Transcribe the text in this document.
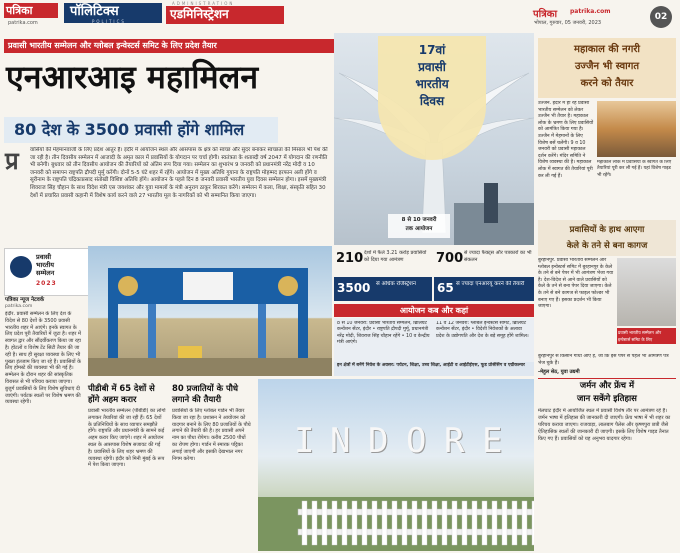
पत्रिका
patrika.com
पॉलिटिक्स
POLITICS
ADMINISTRATION
एडमिनिस्ट्रेशन	पत्रिका patrika.com
भोपाल, गुरुवार, 05 जनवरी, 2023
02
प्रवासी भारतीय सम्मेलन और ग्लोबल इन्वेस्टर्स समिट के लिए प्रदेश तैयार
एनआरआइ महामिलन
80 देश के 3500 प्रवासी होंगे शामिल
प्र वासियों की मेहमानवाजी के लिए प्रदेश आतुर है। इंदौर में आयोजन स्थल और आसपास के क्षेत्र को स्वच्छ और सुंदर बनाकर स्वच्छता की मिसाल भी पेश की जा रही है। तीन दिवसीय सम्मेलन में आजादी के अमृत काल में प्रवासियों के योगदान पर चर्चा होगी। स्वतंत्रता के शताब्दी वर्ष 2047 में योगदान की रणनीति भी बनेगी। बुधवार को तीन दिवसीय आयोजन की तैयारियों को अंतिम रूप दिया गया। सम्मेलन का शुभारंभ 9 जनवरी को प्रधानमंत्री नरेंद्र मोदी व 10 जनवरी को समापन राष्ट्रपति द्रौपदी मुर्मू करेंगी। दोनों 5-5 घंटे शहर में रहेंगे। आयोजन में मुख्य अतिथि गुयाना के राष्ट्रपति मोहम्मद इरफान अली होंगे व सूरीनाम के राष्ट्रपति चंद्रिकाप्रसाद संतोखी विशिष्ट अतिथि होंगे। आयोजन के पहले दिन 8 जनवरी प्रवासी भारतीय युवा दिवस सम्मेलन होगा। इसमें मुख्यमंत्री शिवराज सिंह चौहान के साथ विदेश मंत्री एस जयशंकर और युवा मामलों के मंत्री अनुराग ठाकुर शिरकत करेंगे। सम्मेलन में कला, शिक्षा, संस्कृति सहित 30 देशों में प्रचारित प्रवासी कहानी में विशेष कार्य करने वाले 27 भारतीय मूल के नागरिकों को भी सम्मानित किया जाएगा।
17वां
प्रवासी
भारतीय
दिवस
8 से 10 जनवरी
तक आयोजन
210 देशों में फैले 3.21 करोड़ प्रवासियों को दिया गया आमंत्रण	700 से ज्यादा फैक्ट्स और पत्रकारों का भी संकलन
3500 से अधिक रजिस्ट्रेशन	65 से ज्यादा एनआरयू करने की तैयारी
आयोजन कब और कहां
8 से 10 जनवरी: प्रवासी भारतीय सम्मेलन, ब्रिलियंट कन्वेंशन सेंटर, इंदौर • राष्ट्रपति द्रौपदी मुर्मू, प्रधानमंत्री नरेंद्र मोदी, शिवराज सिंह चौहान रहेंगे • 10 व केन्द्रीय मंत्री आएंगे।
11 व 12 जनवरी: ग्लोबल इन्वेस्टर्स समिट, ब्रिलियंट कन्वेंशन सेंटर, इंदौर • विदेशी निवेशकों के अलावा प्रदेश के उद्योगपति और देश के बड़े समूह होंगे शामिल।
इन क्षेत्रों में बनेंगे निवेश के अवसर: पर्यटन, शिक्षा, उच्च शिक्षा, आईटी व आईटीईएस, फूड प्रोसेसिंग व एग्रीकल्चर
प्रवासी
भारतीय
सम्मेलन
2023
पत्रिका न्यूज नेटवर्क
patrika.com
इंदौर. प्रवासी सम्मेलन के लिए देश के विदेश से 80 देशों के 3500 प्रवासी भारतीय शहर में आएंगे। इनके स्वागत के लिए प्रदेश पूरी तैयारियों में जुटा है। शहर में स्वागत द्वार और सौंदर्यीकरण किया जा रहा है। होटलों व विशेष टेंट सिटी तैयार की जा रही है। साथ ही सुरक्षा व्यवस्था के लिए भी पुख्ता इंतजाम किए जा रहे हैं। प्रवासियों के लिए होमस्टे की व्यवस्था भी की गई है। सम्मेलन के दौरान शहर की सांस्कृतिक विरासत से भी परिचय कराया जाएगा। बुजुर्ग प्रवासियों के लिए विशेष सुविधाएं दी जाएंगी। पर्यटक स्थलों पर विशेष भ्रमण की व्यवस्था रहेगी।
पीडीबी में 65 देशों से
होंगे अहम करार
प्रवासी भारतीय सम्मेलन (पीबीडी) का लोगो लगाकर तैयारियां की जा रही हैं। 65 देशों के प्रतिनिधियों के साथ व्यापार समझौते होंगे। राष्ट्रपति और प्रधानमंत्री के सामने कई अहम करार किए जाएंगे। शहर में आयोजन स्थल के आसपास विशेष सजावट की गई है। प्रवासियों के लिए शहर भ्रमण की व्यवस्था रहेगी। इंदौर को मिनी मुंबई के रूप में पेश किया जाएगा।
80 प्रजातियों के पौधे
लगाने की तैयारी
प्रवासियों के लिए ग्लोबल गार्डन भी तैयार किया जा रहा है। प्रशासन ने आयोजन को यादगार बनाने के लिए 80 प्रजातियों के पौधे लगाने की तैयारी की है। हर प्रवासी अपने नाम का पौधा रोपेगा। करीब 2500 पौधों का रोपण होगा। गार्डन में स्मारक पट्टिका लगाई जाएगी और इसकी देखभाल नगर निगम करेगा।	I N D O R E
महाकाल की नगरी
उज्जैन भी स्वागत
करने को तैयार
उज्जैन. इंदौर में हो रहे प्रवासी भारतीय सम्मेलन को लेकर उज्जैन भी तैयार है। महाकाल लोक के भ्रमण के लिए प्रवासियों को आमंत्रित किया गया है। उज्जैन में मेहमानों के लिए विशेष बसें चलेंगी। 9 व 10 जनवरी को प्रवासी महाकाल दर्शन करेंगे। मंदिर समिति ने विशेष व्यवस्था की है। महाकाल लोक में स्वागत की तैयारियां पूरी कर ली गई हैं।
महाकाल लोक में प्रवासियों के स्वागत के लिए तैयारियां पूरी कर ली गई हैं। यहां विशेष गाइड भी रहेंगे।
प्रवासियों के हाथ आएगा
केले के तने से बना कागज
बुरहानपुर. प्रवासी भारतीय सम्मेलन और ग्लोबल इन्वेस्टर्स समिट में बुरहानपुर के केले के तने से बने पेपर में भी आमंत्रण भेजा गया है। देश-विदेश से आने वाले प्रवासियों को केले के तने से बना पेपर दिया जाएगा। केले के तने से बने कागज से फाइल फोल्डर भी बनाए गए हैं। इसका प्रदर्शन भी किया जाएगा।
प्रवासी भारतीय सम्मेलन और
इन्वेस्टर्स समिट के लिए
बुरहानपुर से किसान गांधी आए हैं, जो कि इस पेपर से पहले भी आमंत्रण पत्र भेज चुके हैं।
-मेहुल सेठ, युवा उद्यमी
जर्मन और फ्रेंच में
जान सकेंगे इतिहास
मेलघाट इंदौर में आयोजित स्थल में प्रवासी विशेष तौर पर आमंत्रण रहे हैं। जर्मन भाषा में इतिहास की जानकारी दी जाएगी। फ्रेंच भाषा में भी शहर का परिचय कराया जाएगा। राजवाड़ा, लालबाग पैलेस और कृष्णपुरा छत्री जैसे ऐतिहासिक स्थलों की जानकारी दी जाएगी। इसके लिए विशेष गाइड तैनात किए गए हैं। प्रवासियों को यह अनुभव यादगार रहेगा।
